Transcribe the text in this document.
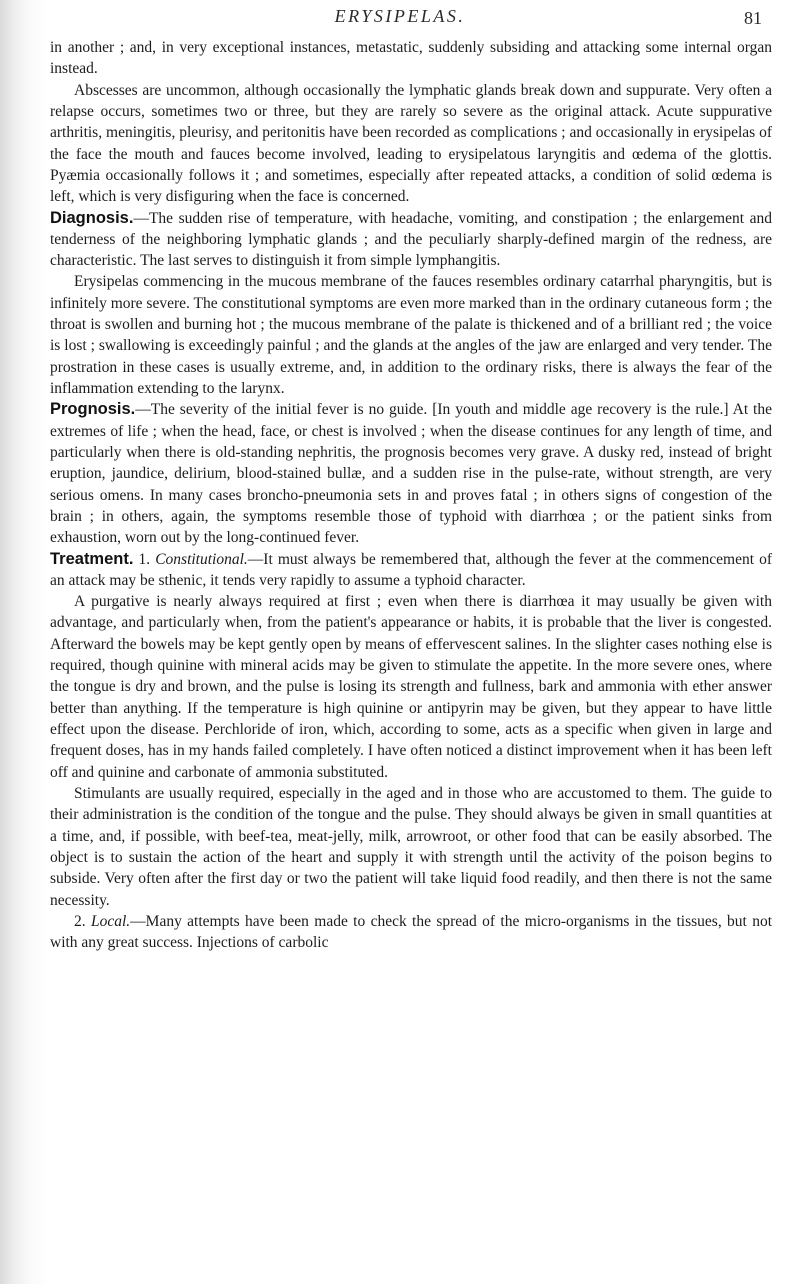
ERYSIPELAS.	81

in another ; and, in very exceptional instances, metastatic, suddenly subsiding and attacking some internal organ instead.

Abscesses are uncommon, although occasionally the lymphatic glands break down and suppurate. Very often a relapse occurs, sometimes two or three, but they are rarely so severe as the original attack. Acute suppurative arthritis, meningitis, pleurisy, and peritonitis have been recorded as complications ; and occasionally in erysipelas of the face the mouth and fauces become involved, leading to erysipelatous laryngitis and œdema of the glottis. Pyæmia occasionally follows it ; and sometimes, especially after repeated attacks, a condition of solid œdema is left, which is very disfiguring when the face is concerned.

Diagnosis.—The sudden rise of temperature, with headache, vomiting, and constipation ; the enlargement and tenderness of the neighboring lymphatic glands ; and the peculiarly sharply-defined margin of the redness, are characteristic. The last serves to distinguish it from simple lymphangitis.

Erysipelas commencing in the mucous membrane of the fauces resembles ordinary catarrhal pharyngitis, but is infinitely more severe. The constitutional symptoms are even more marked than in the ordinary cutaneous form ; the throat is swollen and burning hot ; the mucous membrane of the palate is thickened and of a brilliant red ; the voice is lost ; swallowing is exceedingly painful ; and the glands at the angles of the jaw are enlarged and very tender. The prostration in these cases is usually extreme, and, in addition to the ordinary risks, there is always the fear of the inflammation extending to the larynx.

Prognosis.—The severity of the initial fever is no guide. [In youth and middle age recovery is the rule.] At the extremes of life ; when the head, face, or chest is involved ; when the disease continues for any length of time, and particularly when there is old-standing nephritis, the prognosis becomes very grave. A dusky red, instead of bright eruption, jaundice, delirium, blood-stained bullæ, and a sudden rise in the pulse-rate, without strength, are very serious omens. In many cases broncho-pneumonia sets in and proves fatal ; in others signs of congestion of the brain ; in others, again, the symptoms resemble those of typhoid with diarrhœa ; or the patient sinks from exhaustion, worn out by the long-continued fever.

Treatment. 1. Constitutional.—It must always be remembered that, although the fever at the commencement of an attack may be sthenic, it tends very rapidly to assume a typhoid character.

A purgative is nearly always required at first ; even when there is diarrhœa it may usually be given with advantage, and particularly when, from the patient's appearance or habits, it is probable that the liver is congested. Afterward the bowels may be kept gently open by means of effervescent salines. In the slighter cases nothing else is required, though quinine with mineral acids may be given to stimulate the appetite. In the more severe ones, where the tongue is dry and brown, and the pulse is losing its strength and fullness, bark and ammonia with ether answer better than anything. If the temperature is high quinine or antipyrin may be given, but they appear to have little effect upon the disease. Perchloride of iron, which, according to some, acts as a specific when given in large and frequent doses, has in my hands failed completely. I have often noticed a distinct improvement when it has been left off and quinine and carbonate of ammonia substituted.

Stimulants are usually required, especially in the aged and in those who are accustomed to them. The guide to their administration is the condition of the tongue and the pulse. They should always be given in small quantities at a time, and, if possible, with beef-tea, meat-jelly, milk, arrowroot, or other food that can be easily absorbed. The object is to sustain the action of the heart and supply it with strength until the activity of the poison begins to subside. Very often after the first day or two the patient will take liquid food readily, and then there is not the same necessity.

2. Local.—Many attempts have been made to check the spread of the micro-organisms in the tissues, but not with any great success. Injections of carbolic
